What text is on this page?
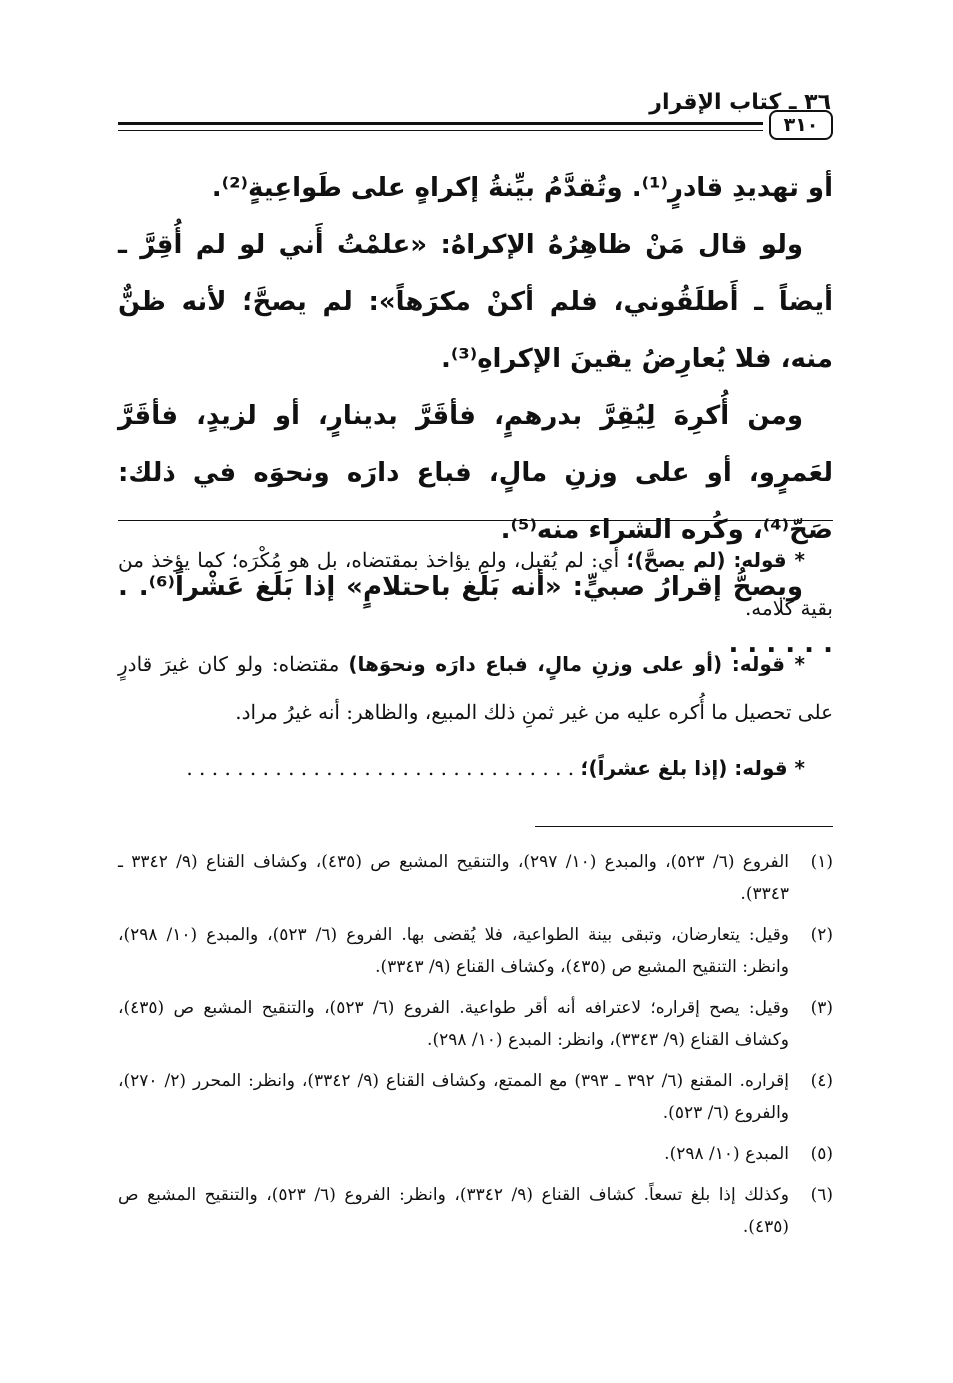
٣٦ ـ كتاب الإقرار
٣١٠

أو تهديدِ قادرٍ⁽¹⁾. وتُقدَّمُ بيِّنةُ إكراهٍ على طَواعِيةٍ⁽²⁾.

ولو قال مَنْ ظاهِرُهُ الإكراهُ: «علمْتُ أَني لو لم أُقِرَّ ـ أيضاً ـ أَطلَقُوني، فلم أكنْ مكرَهاً»: لم يصحَّ؛ لأنه ظنٌّ منه، فلا يُعارِضُ يقينَ الإكراهِ⁽³⁾.

ومن أُكرِهَ لِيُقِرَّ بدرهمٍ، فأقَرَّ بدينارٍ، أو لزيدٍ، فأقَرَّ لعَمرٍو، أو على وزنِ مالٍ، فباع دارَه ونحوَه في ذلك: صَحّ⁽⁴⁾، وكُره الشراء منه⁽⁵⁾.

ويصحُّ إقرارُ صبيٍّ: «أنه بَلَغ باحتلامٍ» إذا بَلَغ عَشْراً⁽⁶⁾. . . . . . . .

* قوله: (لم يصحَّ)؛ أي: لم يُقبل، ولم يؤاخذ بمقتضاه، بل هو مُكْرَه؛ كما يؤخذ من بقية كلامه.

* قوله: (أو على وزنِ مالٍ، فباع دارَه ونحوَها) مقتضاه: ولو كان غيرَ قادرٍ على تحصيل ما أُكره عليه من غير ثمنِ ذلك المبيع، والظاهر: أنه غيرُ مراد.

* قوله: (إذا بلغ عشراً)؛ . . . . . . . . . . . . . . . . . . . . . . . . . . . . . . .

(١)
الفروع (٦/ ٥٢٣)، والمبدع (١٠/ ٢٩٧)، والتنقيح المشبع ص (٤٣٥)، وكشاف القناع (٩/ ٣٣٤٢ ـ ٣٣٤٣).
(٢)
وقيل: يتعارضان، وتبقى بينة الطواعية، فلا يُقضى بها. الفروع (٦/ ٥٢٣)، والمبدع (١٠/ ٢٩٨)، وانظر: التنقيح المشبع ص (٤٣٥)، وكشاف القناع (٩/ ٣٣٤٣).
(٣)
وقيل: يصح إقراره؛ لاعترافه أنه أقر طواعية. الفروع (٦/ ٥٢٣)، والتنقيح المشبع ص (٤٣٥)، وكشاف القناع (٩/ ٣٣٤٣)، وانظر: المبدع (١٠/ ٢٩٨).
(٤)
إقراره. المقنع (٦/ ٣٩٢ ـ ٣٩٣) مع الممتع، وكشاف القناع (٩/ ٣٣٤٢)، وانظر: المحرر (٢/ ٢٧٠)، والفروع (٦/ ٥٢٣).
(٥)
المبدع (١٠/ ٢٩٨).
(٦)
وكذلك إذا بلغ تسعاً. كشاف القناع (٩/ ٣٣٤٢)، وانظر: الفروع (٦/ ٥٢٣)، والتنقيح المشبع ص (٤٣٥).
